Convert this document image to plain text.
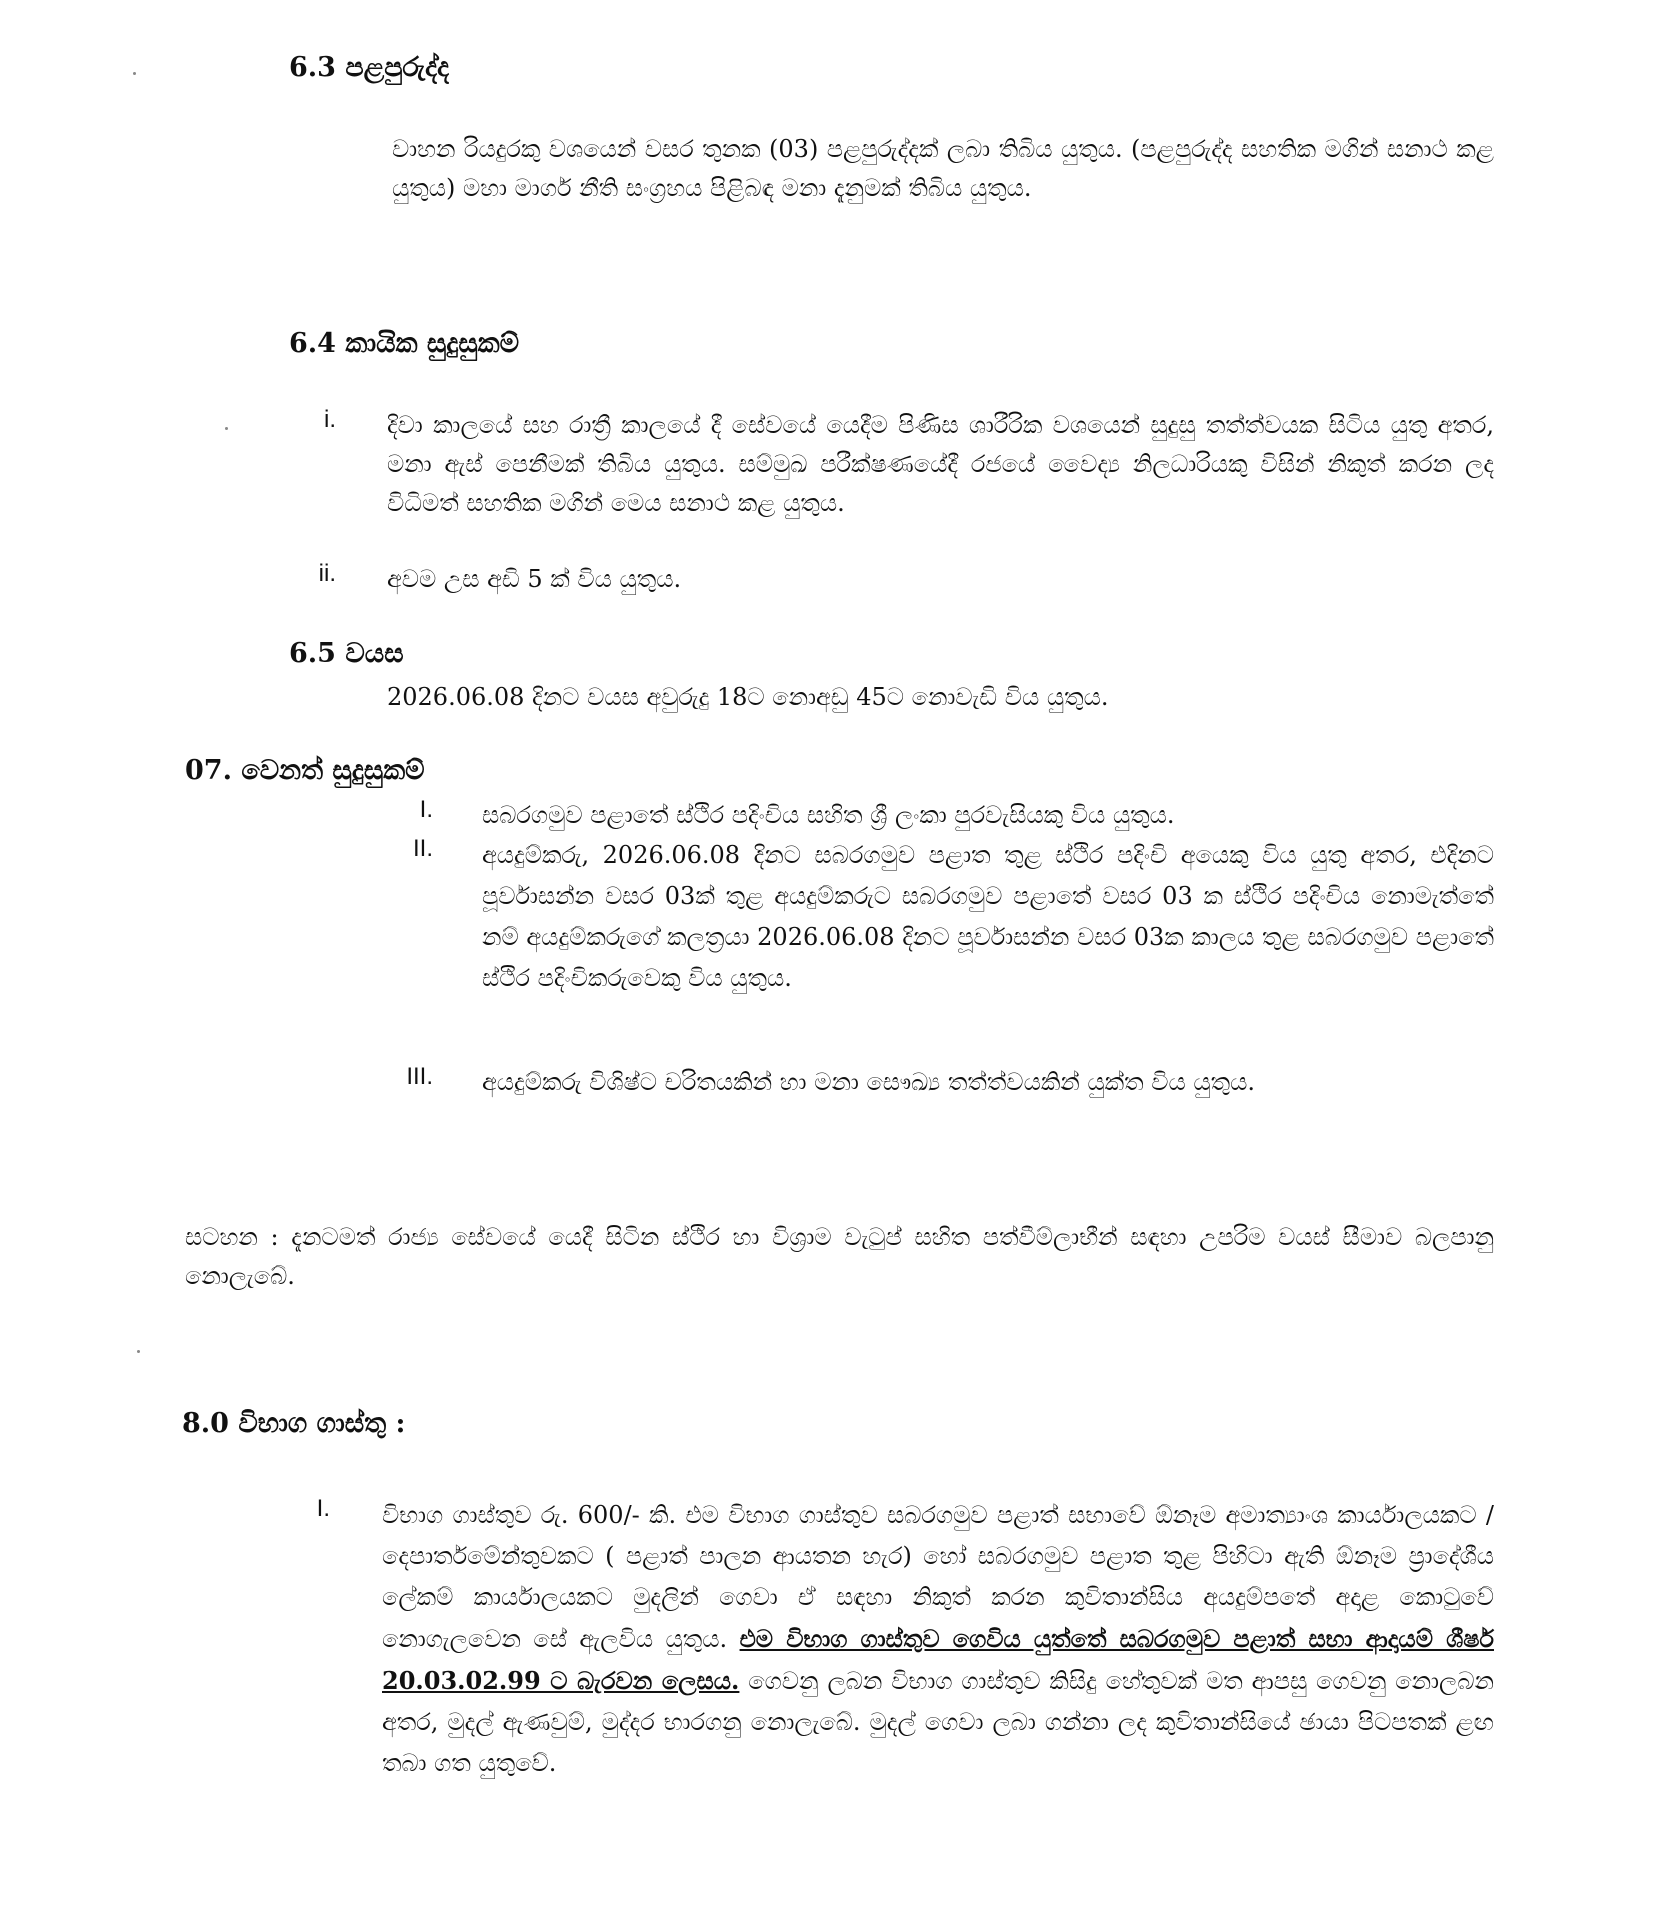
6.3 පළපුරුද්ද
වාහන රියදුරකු වශයෙන් වසර තුනක (03) පළපුරුද්දක් ලබා තිබිය යුතුය. (පළපුරුද්ද සහතික මගින් සනාථ කළ යුතුය) මහා මාර්ග නීති සංග්‍රහය පිළිබඳ මනා දැනුමක් තිබිය යුතුය.
6.4 කායික සුදුසුකම්
i. දිවා කාලයේ සහ රාත්‍රී කාලයේ දී සේවයේ යෙදීම පිණිස ශාරීරික වශයෙන් සුදුසු තත්ත්වයක සිටිය යුතු අතර, මනා ඇස් පෙනීමක් තිබිය යුතුය. සම්මුඛ පරීක්ෂණයේදී රජයේ වෛද්‍ය නිලධාරියකු විසින් නිකුත් කරන ලද විධිමත් සහතික මගින් මෙය සනාථ කළ යුතුය.
ii. අවම උස අඩි 5 ක් විය යුතුය.
6.5 වයස
2026.06.08 දිනට වයස අවුරුදු 18ට නොඅඩු 45ට නොවැඩි විය යුතුය.
07. වෙනත් සුදුසුකම්
I. සබරගමුව පළාතේ ස්ථිර පදිංචිය සහිත ශ්‍රී ලංකා පුරවැසියකු විය යුතුය.
II. අයදුම්කරු, 2026.06.08 දිනට සබරගමුව පළාත තුළ ස්ථිර පදිංචි අයෙකු විය යුතු අතර, එදිනට පූර්වාසන්න වසර 03ක් තුළ අයදුම්කරුට සබරගමුව පළාතේ වසර 03 ක ස්ථිර පදිංචිය නොමැත්තේ නම් අයදුම්කරුගේ කලත්‍රයා 2026.06.08 දිනට පූර්වාසන්න වසර 03ක කාලය තුළ සබරගමුව පළාතේ ස්ථිර පදිංචිකරුවෙකු විය යුතුය.
III. අයදුම්කරු විශිෂ්ට චරිතයකින් හා මනා සෞඛ්‍ය තත්ත්වයකින් යුක්ත විය යුතුය.
සටහන : දැනටමත් රාජ්‍ය සේවයේ යෙදී සිටින ස්ථිර හා විශ්‍රාම වැටුප් සහිත පත්වීම්ලාභීන් සඳහා උපරිම වයස් සීමාව බලපානු නොලැබේ.
8.0 විභාග ගාස්තු :
I. විභාග ගාස්තුව රු. 600/- කි. එම විභාග ගාස්තුව සබරගමුව පළාත් සභාවේ ඕනෑම අමාත්‍යාංශ කාර්යාලයකට / දෙපාර්තමේන්තුවකට ( පළාත් පාලන ආයතන හැර) හෝ සබරගමුව පළාත තුළ පිහිටා ඇති ඕනෑම ප්‍රාදේශීය ලේකම් කාර්යාලයකට මුදලින් ගෙවා ඒ සඳහා නිකුත් කරන කුවිතාන්සිය අයදුම්පතේ අදාළ කොටුවේ නොගැලවෙන සේ ඇලවිය යුතුය. එම විභාග ගාස්තුව ගෙවිය යුත්තේ සබරගමුව පළාත් සභා ආදායම් ශීර්ෂ 20.03.02.99 ට බැරවන ලෙසය. ගෙවනු ලබන විභාග ගාස්තුව කිසිදු හේතුවක් මත ආපසු ගෙවනු නොලබන අතර, මුදල් ඇණවුම්, මුද්දර භාරගනු නොලැබේ. මුදල් ගෙවා ලබා ගන්නා ලද කුවිතාන්සියේ ඡායා පිටපතක් ළඟ තබා ගත යුතුවේ.
